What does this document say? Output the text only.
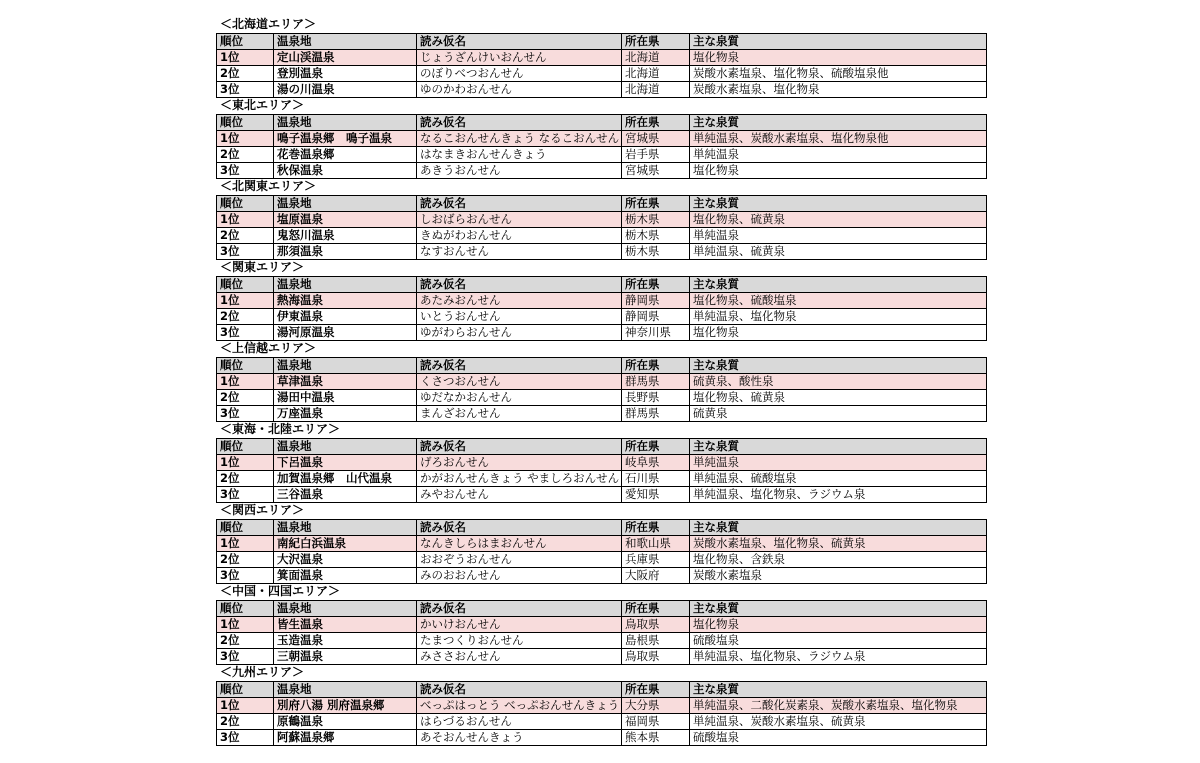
＜北海道エリア＞
順位	温泉地	読み仮名	所在県	主な泉質
1位	定山渓温泉	じょうざんけいおんせん	北海道	塩化物泉
2位	登別温泉	のぼりべつおんせん	北海道	炭酸水素塩泉、塩化物泉、硫酸塩泉他
3位	湯の川温泉	ゆのかわおんせん	北海道	炭酸水素塩泉、塩化物泉
＜東北エリア＞
順位	温泉地	読み仮名	所在県	主な泉質
1位	鳴子温泉郷　鳴子温泉	なるこおんせんきょう なるこおんせん	宮城県	単純温泉、炭酸水素塩泉、塩化物泉他
2位	花巻温泉郷	はなまきおんせんきょう	岩手県	単純温泉
3位	秋保温泉	あきうおんせん	宮城県	塩化物泉
＜北関東エリア＞
順位	温泉地	読み仮名	所在県	主な泉質
1位	塩原温泉	しおばらおんせん	栃木県	塩化物泉、硫黄泉
2位	鬼怒川温泉	きぬがわおんせん	栃木県	単純温泉
3位	那須温泉	なすおんせん	栃木県	単純温泉、硫黄泉
＜関東エリア＞
順位	温泉地	読み仮名	所在県	主な泉質
1位	熱海温泉	あたみおんせん	静岡県	塩化物泉、硫酸塩泉
2位	伊東温泉	いとうおんせん	静岡県	単純温泉、塩化物泉
3位	湯河原温泉	ゆがわらおんせん	神奈川県	塩化物泉
＜上信越エリア＞
順位	温泉地	読み仮名	所在県	主な泉質
1位	草津温泉	くさつおんせん	群馬県	硫黄泉、酸性泉
2位	湯田中温泉	ゆだなかおんせん	長野県	塩化物泉、硫黄泉
3位	万座温泉	まんざおんせん	群馬県	硫黄泉
＜東海・北陸エリア＞
順位	温泉地	読み仮名	所在県	主な泉質
1位	下呂温泉	げろおんせん	岐阜県	単純温泉
2位	加賀温泉郷　山代温泉	かがおんせんきょう やましろおんせん	石川県	単純温泉、硫酸塩泉
3位	三谷温泉	みやおんせん	愛知県	単純温泉、塩化物泉、ラジウム泉
＜関西エリア＞
順位	温泉地	読み仮名	所在県	主な泉質
1位	南紀白浜温泉	なんきしらはまおんせん	和歌山県	炭酸水素塩泉、塩化物泉、硫黄泉
2位	大沢温泉	おおぞうおんせん	兵庫県	塩化物泉、含鉄泉
3位	箕面温泉	みのおおんせん	大阪府	炭酸水素塩泉
＜中国・四国エリア＞
順位	温泉地	読み仮名	所在県	主な泉質
1位	皆生温泉	かいけおんせん	鳥取県	塩化物泉
2位	玉造温泉	たまつくりおんせん	島根県	硫酸塩泉
3位	三朝温泉	みささおんせん	鳥取県	単純温泉、塩化物泉、ラジウム泉
＜九州エリア＞
順位	温泉地	読み仮名	所在県	主な泉質
1位	別府八湯 別府温泉郷	べっぷはっとう べっぷおんせんきょう	大分県	単純温泉、二酸化炭素泉、炭酸水素塩泉、塩化物泉
2位	原鶴温泉	はらづるおんせん	福岡県	単純温泉、炭酸水素塩泉、硫黄泉
3位	阿蘇温泉郷	あそおんせんきょう	熊本県	硫酸塩泉
